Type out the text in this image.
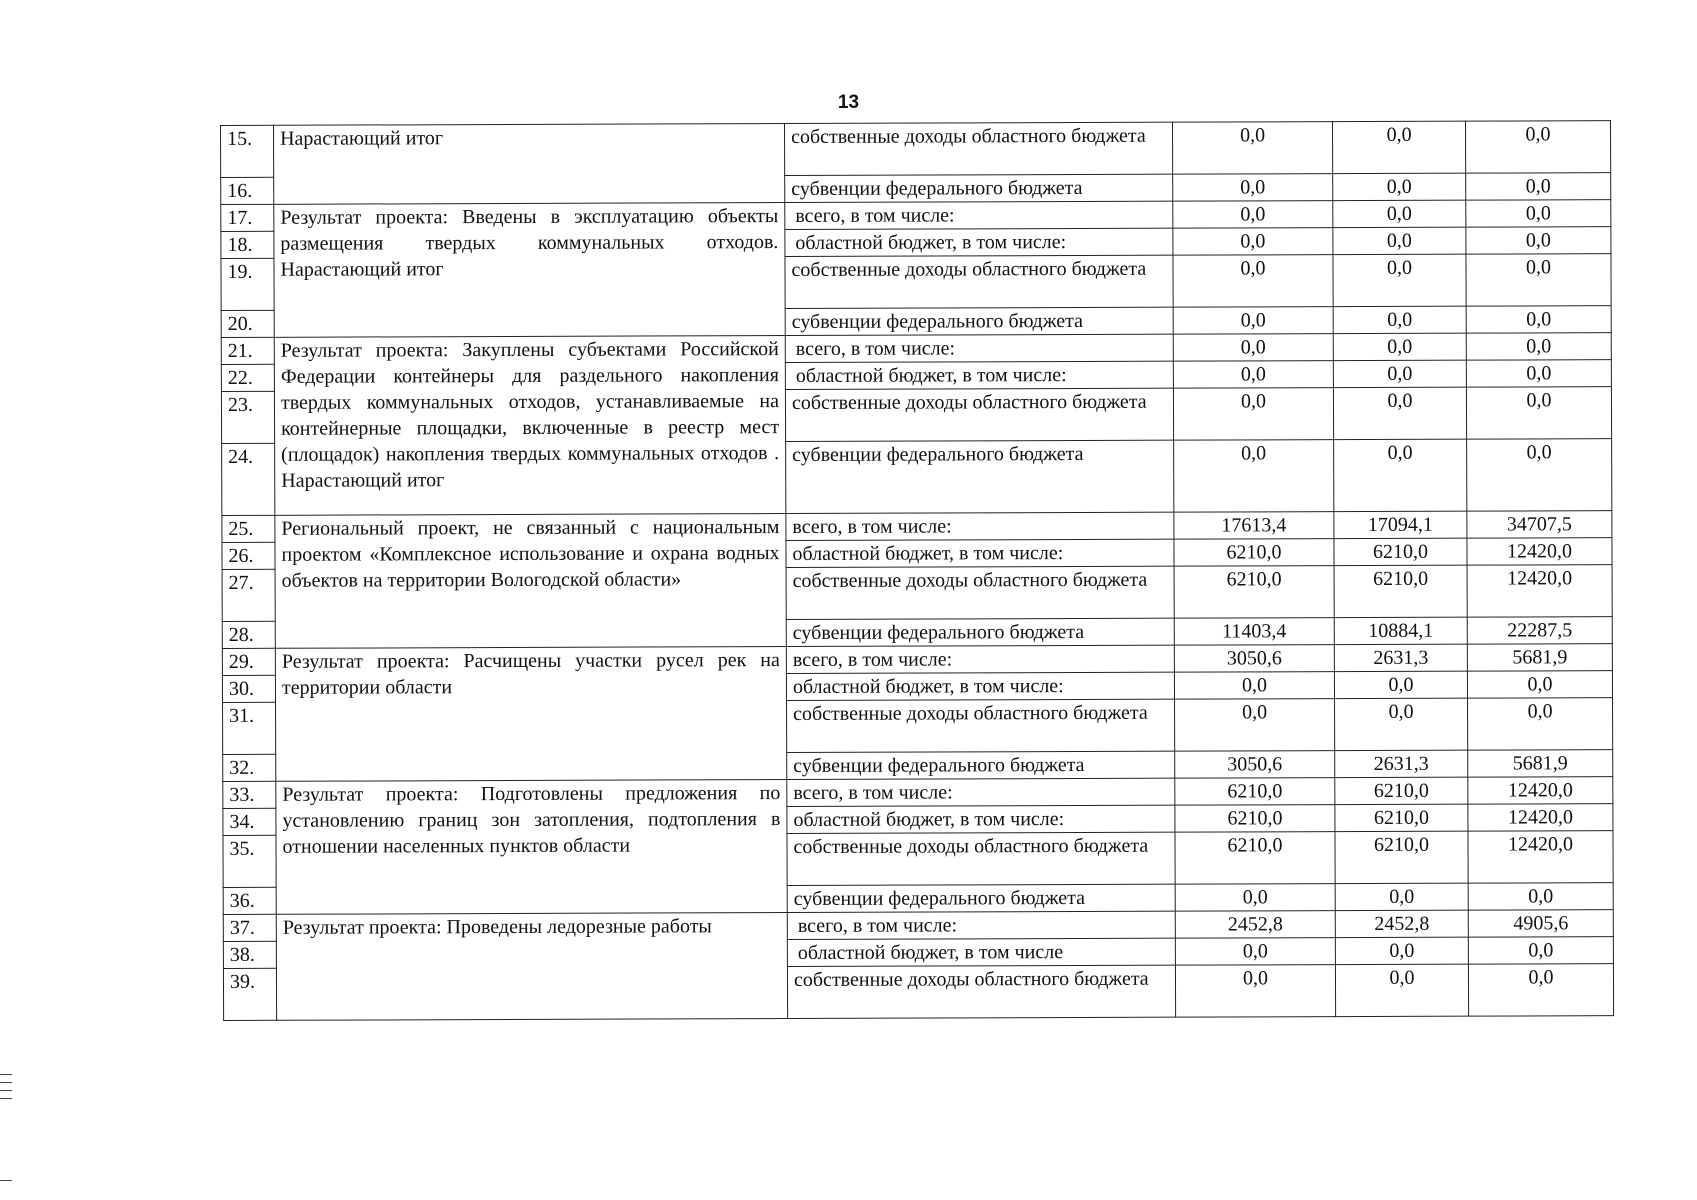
13
15.	Нарастающий итог	собственные доходы областного бюджета	0,0	0,0	0,0
16.		субвенции федерального бюджета	0,0	0,0	0,0
17.	Результат проекта: Введены в эксплуатацию объекты размещения твердых коммунальных отходов. Нарастающий итог	всего, в том числе:	0,0	0,0	0,0
18.		областной бюджет, в том числе:	0,0	0,0	0,0
19.		собственные доходы областного бюджета	0,0	0,0	0,0
20.		субвенции федерального бюджета	0,0	0,0	0,0
21.	Результат проекта: Закуплены субъектами Российской Федерации контейнеры для раздельного накопления твердых коммунальных отходов, устанавливаемые на контейнерные площадки, включенные в реестр мест (площадок) накопления твердых коммунальных отходов . Нарастающий итог	всего, в том числе:	0,0	0,0	0,0
22.		областной бюджет, в том числе:	0,0	0,0	0,0
23.		собственные доходы областного бюджета	0,0	0,0	0,0
24.		субвенции федерального бюджета	0,0	0,0	0,0
25.	Региональный проект, не связанный с национальным проектом «Комплексное использование и охрана водных объектов на территории Вологодской области»	всего, в том числе:	17613,4	17094,1	34707,5
26.		областной бюджет, в том числе:	6210,0	6210,0	12420,0
27.		собственные доходы областного бюджета	6210,0	6210,0	12420,0
28.		субвенции федерального бюджета	11403,4	10884,1	22287,5
29.	Результат проекта: Расчищены участки русел рек на территории области	всего, в том числе:	3050,6	2631,3	5681,9
30.		областной бюджет, в том числе:	0,0	0,0	0,0
31.		собственные доходы областного бюджета	0,0	0,0	0,0
32.		субвенции федерального бюджета	3050,6	2631,3	5681,9
33.	Результат проекта: Подготовлены предложения по установлению границ зон затопления, подтопления в отношении населенных пунктов области	всего, в том числе:	6210,0	6210,0	12420,0
34.		областной бюджет, в том числе:	6210,0	6210,0	12420,0
35.		собственные доходы областного бюджета	6210,0	6210,0	12420,0
36.		субвенции федерального бюджета	0,0	0,0	0,0
37.	Результат проекта: Проведены ледорезные работы	всего, в том числе:	2452,8	2452,8	4905,6
38.		областной бюджет, в том числе	0,0	0,0	0,0
39.		собственные доходы областного бюджета	0,0	0,0	0,0
